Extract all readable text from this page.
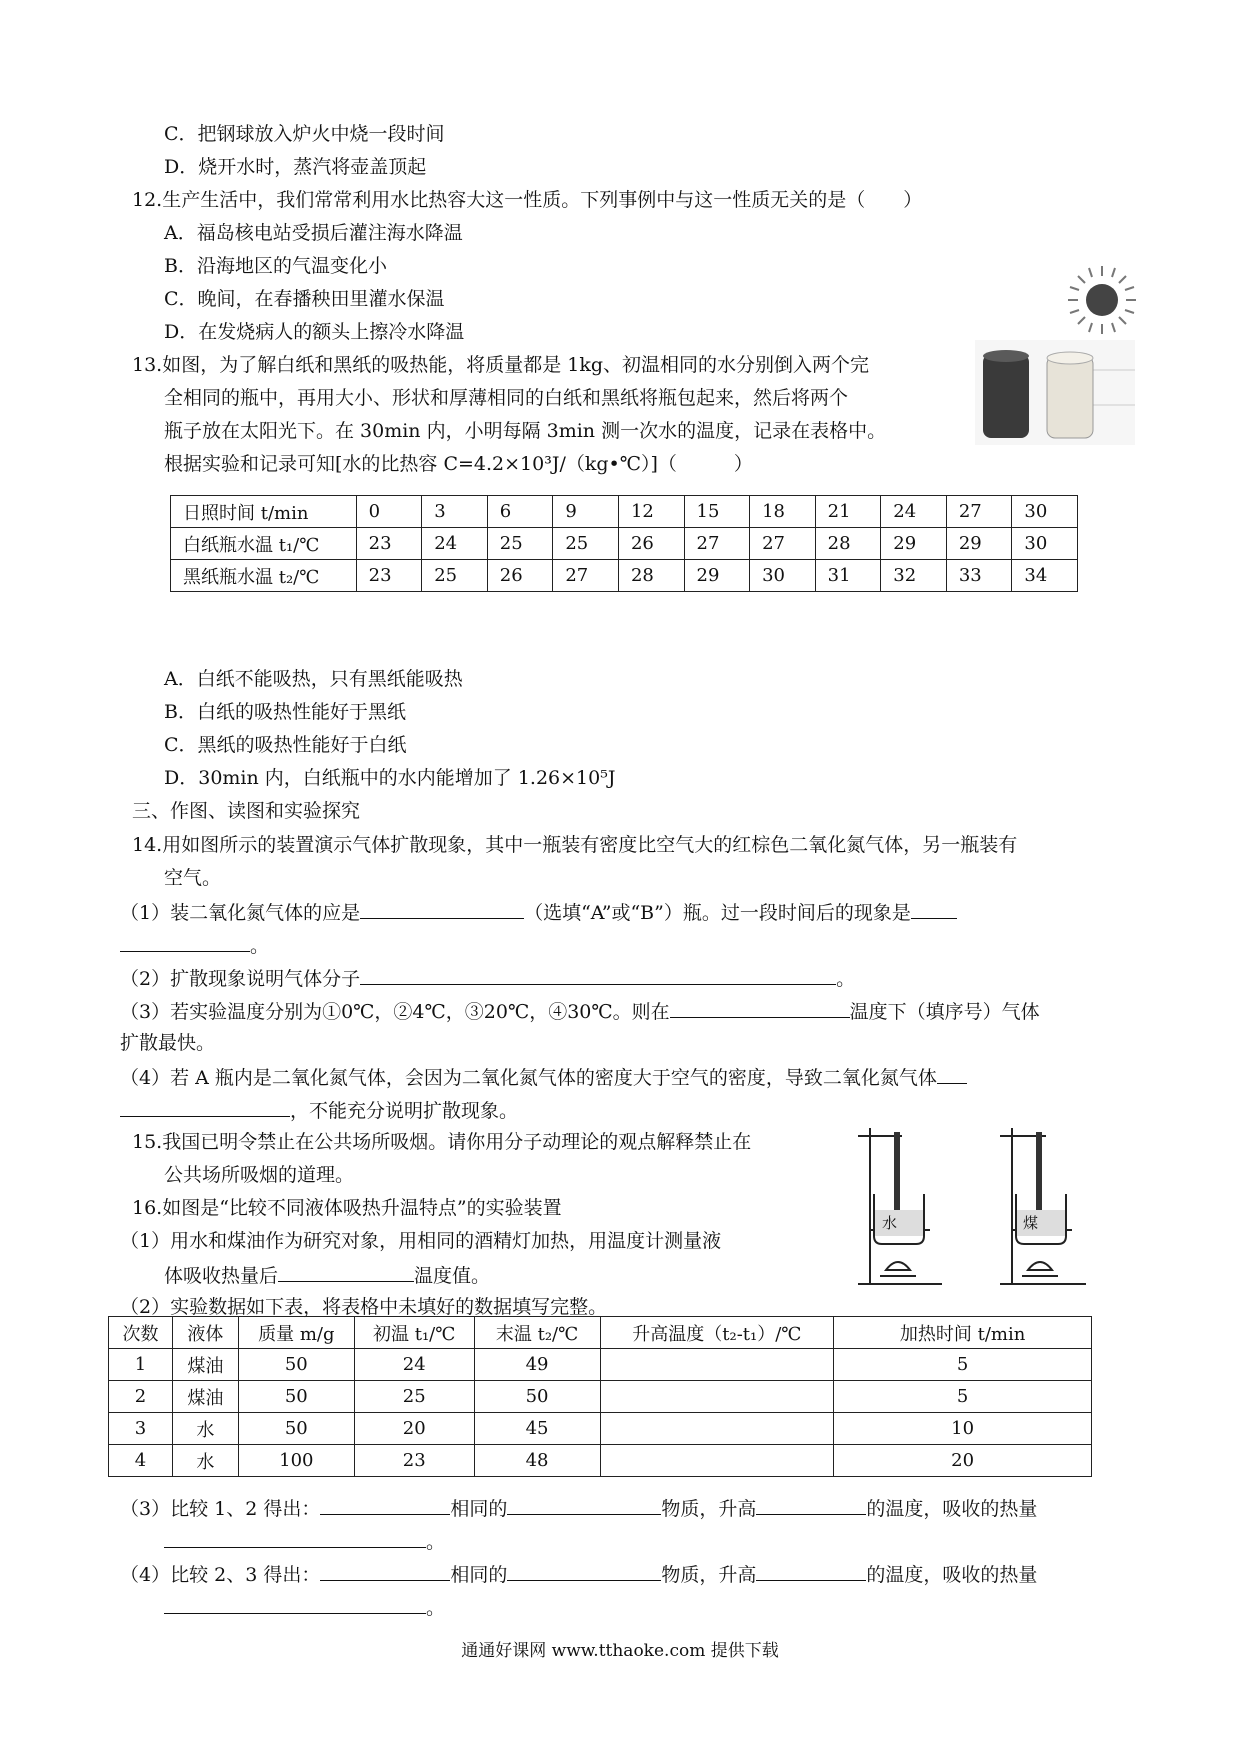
C．把钢球放入炉火中烧一段时间
D．烧开水时，蒸汽将壶盖顶起
12.生产生活中，我们常常利用水比热容大这一性质。下列事例中与这一性质无关的是（　　）
A．福岛核电站受损后灌注海水降温
B．沿海地区的气温变化小
C．晚间，在春播秧田里灌水保温
D．在发烧病人的额头上擦冷水降温
13.如图，为了解白纸和黑纸的吸热能，将质量都是 1kg、初温相同的水分别倒入两个完
全相同的瓶中，再用大小、形状和厚薄相同的白纸和黑纸将瓶包起来，然后将两个
瓶子放在太阳光下。在 30min 内，小明每隔 3min 测一次水的温度，记录在表格中。
根据实验和记录可知[水的比热容 C=4.2×10³J/（kg•℃）]（　　　）
日照时间 t/min	0	3	6	9	12	15	18	21	24	27	30
白纸瓶水温 t₁/℃	23	24	25	25	26	27	27	28	29	29	30
黑纸瓶水温 t₂/℃	23	25	26	27	28	29	30	31	32	33	34
A．白纸不能吸热，只有黑纸能吸热
B．白纸的吸热性能好于黑纸
C．黑纸的吸热性能好于白纸
D．30min 内，白纸瓶中的水内能增加了 1.26×10⁵J
三、作图、读图和实验探究
14.用如图所示的装置演示气体扩散现象，其中一瓶装有密度比空气大的红棕色二氧化氮气体，另一瓶装有
空气。
（1）装二氧化氮气体的应是	（选填“A”或“B”）瓶。过一段时间后的现象是
。
（2）扩散现象说明气体分子	。
（3）若实验温度分别为①0℃，②4℃，③20℃，④30℃。则在	温度下（填序号）气体
扩散最快。
（4）若 A 瓶内是二氧化氮气体，会因为二氧化氮气体的密度大于空气的密度，导致二氧化氮气体
，不能充分说明扩散现象。
15.我国已明令禁止在公共场所吸烟。请你用分子动理论的观点解释禁止在
公共场所吸烟的道理。
16.如图是“比较不同液体吸热升温特点”的实验装置
（1）用水和煤油作为研究对象，用相同的酒精灯加热，用温度计测量液
体吸收热量后	温度值。
（2）实验数据如下表，将表格中未填好的数据填写完整。
水	煤
次数	液体	质量 m/g	初温 t₁/℃	末温 t₂/℃	升高温度（t₂-t₁）/℃	加热时间 t/min
1	煤油	50	24	49		5
2	煤油	50	25	50		5
3	水	50	20	45		10
4	水	100	23	48		20
（3）比较 1、2 得出：	相同的	物质，升高	的温度，吸收的热量
。
（4）比较 2、3 得出：	相同的	物质，升高	的温度，吸收的热量
。
通通好课网 www.tthaoke.com 提供下载
